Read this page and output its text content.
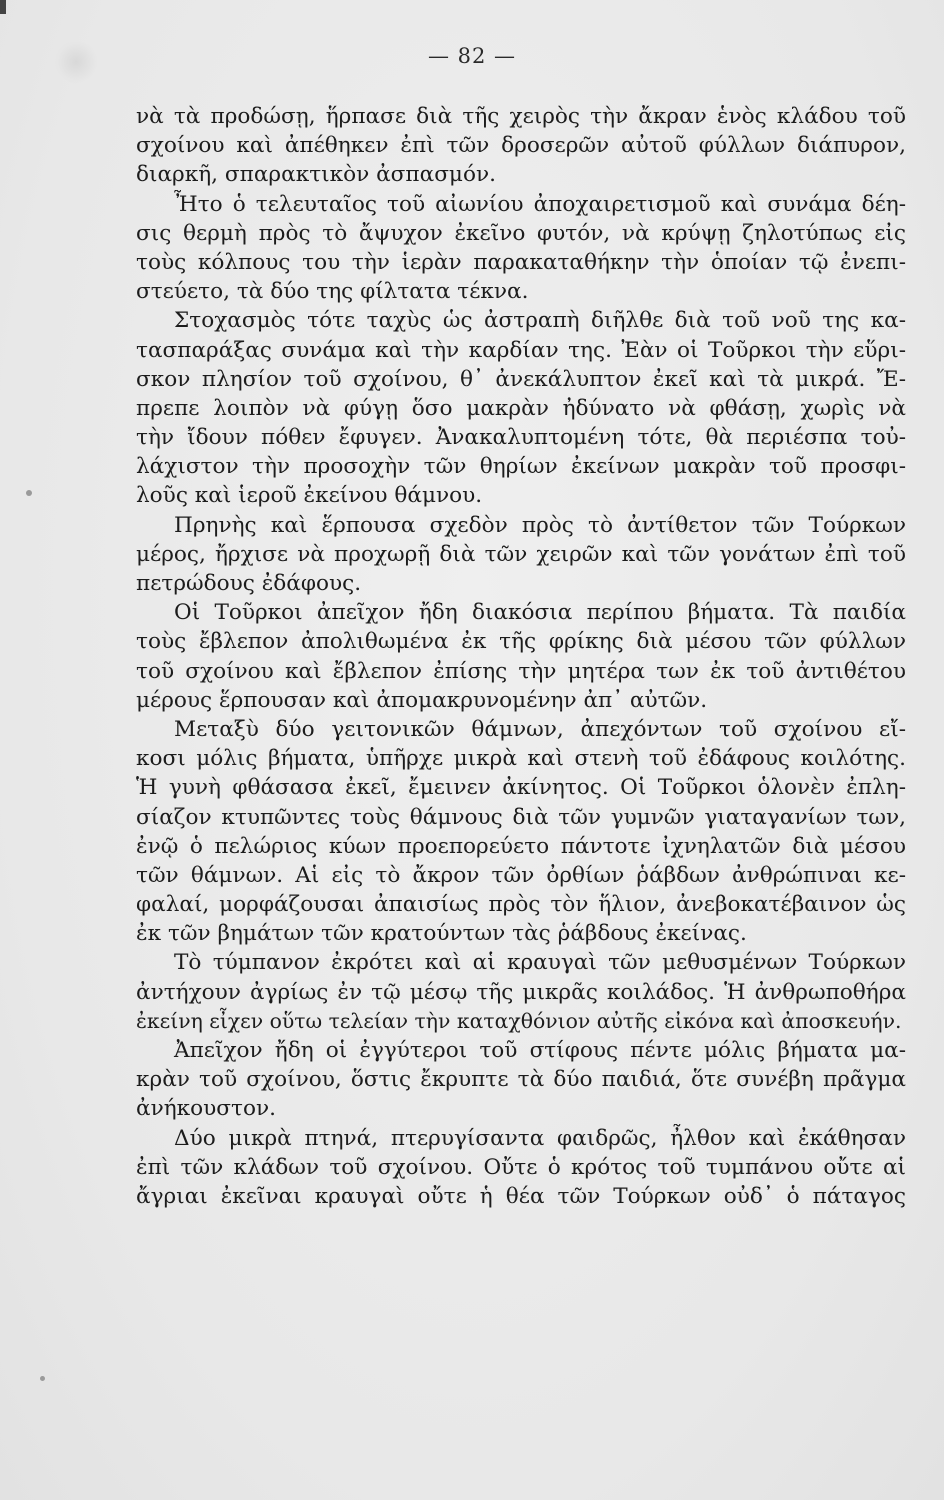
— 82 —
νὰ τὰ προδώσῃ, ἥρπασε διὰ τῆς χειρὸς τὴν ἄκραν ἑνὸς κλάδου τοῦ
σχοίνου καὶ ἀπέθηκεν ἐπὶ τῶν δροσερῶν αὐτοῦ φύλλων διάπυρον,
διαρκῆ, σπαρακτικὸν ἀσπασμόν.
Ἦτο ὁ τελευταῖος τοῦ αἰωνίου ἀποχαιρετισμοῦ καὶ συνάμα δέη-
σις θερμὴ πρὸς τὸ ἄψυχον ἐκεῖνο φυτόν, νὰ κρύψῃ ζηλοτύπως εἰς
τοὺς κόλπους του τὴν ἱερὰν παρακαταθήκην τὴν ὁποίαν τῷ ἐνεπι-
στεύετο, τὰ δύο της φίλτατα τέκνα.
Στοχασμὸς τότε ταχὺς ὡς ἀστραπὴ διῆλθε διὰ τοῦ νοῦ της κα-
τασπαράξας συνάμα καὶ τὴν καρδίαν της. Ἐὰν οἱ Τοῦρκοι τὴν εὕρι-
σκον πλησίον τοῦ σχοίνου, θ᾽ ἀνεκάλυπτον ἐκεῖ καὶ τὰ μικρά. Ἔ-
πρεπε λοιπὸν νὰ φύγῃ ὅσο μακρὰν ἠδύνατο νὰ φθάσῃ, χωρὶς νὰ
τὴν ἴδουν πόθεν ἔφυγεν. Ἀνακαλυπτομένη τότε, θὰ περιέσπα τοὐ-
λάχιστον τὴν προσοχὴν τῶν θηρίων ἐκείνων μακρὰν τοῦ προσφι-
λοῦς καὶ ἱεροῦ ἐκείνου θάμνου.
Πρηνὴς καὶ ἕρπουσα σχεδὸν πρὸς τὸ ἀντίθετον τῶν Τούρκων
μέρος, ἤρχισε νὰ προχωρῇ διὰ τῶν χειρῶν καὶ τῶν γονάτων ἐπὶ τοῦ
πετρώδους ἐδάφους.
Οἱ Τοῦρκοι ἀπεῖχον ἤδη διακόσια περίπου βήματα. Τὰ παιδία
τοὺς ἔβλεπον ἀπολιθωμένα ἐκ τῆς φρίκης διὰ μέσου τῶν φύλλων
τοῦ σχοίνου καὶ ἔβλεπον ἐπίσης τὴν μητέρα των ἐκ τοῦ ἀντιθέτου
μέρους ἕρπουσαν καὶ ἀπομακρυνομένην ἀπ᾽ αὐτῶν.
Μεταξὺ δύο γειτονικῶν θάμνων, ἀπεχόντων τοῦ σχοίνου εἴ-
κοσι μόλις βήματα, ὑπῆρχε μικρὰ καὶ στενὴ τοῦ ἐδάφους κοιλότης.
Ἡ γυνὴ φθάσασα ἐκεῖ, ἔμεινεν ἀκίνητος. Οἱ Τοῦρκοι ὁλονὲν ἐπλη-
σίαζον κτυπῶντες τοὺς θάμνους διὰ τῶν γυμνῶν γιαταγανίων των,
ἐνῷ ὁ πελώριος κύων προεπορεύετο πάντοτε ἰχνηλατῶν διὰ μέσου
τῶν θάμνων. Αἱ εἰς τὸ ἄκρον τῶν ὀρθίων ῥάβδων ἀνθρώπιναι κε-
φαλαί, μορφάζουσαι ἀπαισίως πρὸς τὸν ἥλιον, ἀνεβοκατέβαινον ὡς
ἐκ τῶν βημάτων τῶν κρατούντων τὰς ῥάβδους ἐκείνας.
Τὸ τύμπανον ἐκρότει καὶ αἱ κραυγαὶ τῶν μεθυσμένων Τούρκων
ἀντήχουν ἀγρίως ἐν τῷ μέσῳ τῆς μικρᾶς κοιλάδος. Ἡ ἀνθρωποθήρα
ἐκείνη εἶχεν οὕτω τελείαν τὴν καταχθόνιον αὐτῆς εἰκόνα καὶ ἀποσκευήν.
Ἀπεῖχον ἤδη οἱ ἐγγύτεροι τοῦ στίφους πέντε μόλις βήματα μα-
κρὰν τοῦ σχοίνου, ὅστις ἔκρυπτε τὰ δύο παιδιά, ὅτε συνέβη πρᾶγμα
ἀνήκουστον.
Δύο μικρὰ πτηνά, πτερυγίσαντα φαιδρῶς, ἦλθον καὶ ἐκάθησαν
ἐπὶ τῶν κλάδων τοῦ σχοίνου. Οὔτε ὁ κρότος τοῦ τυμπάνου οὔτε αἱ
ἄγριαι ἐκεῖναι κραυγαὶ οὔτε ἡ θέα τῶν Τούρκων οὐδ᾽ ὁ πάταγος
